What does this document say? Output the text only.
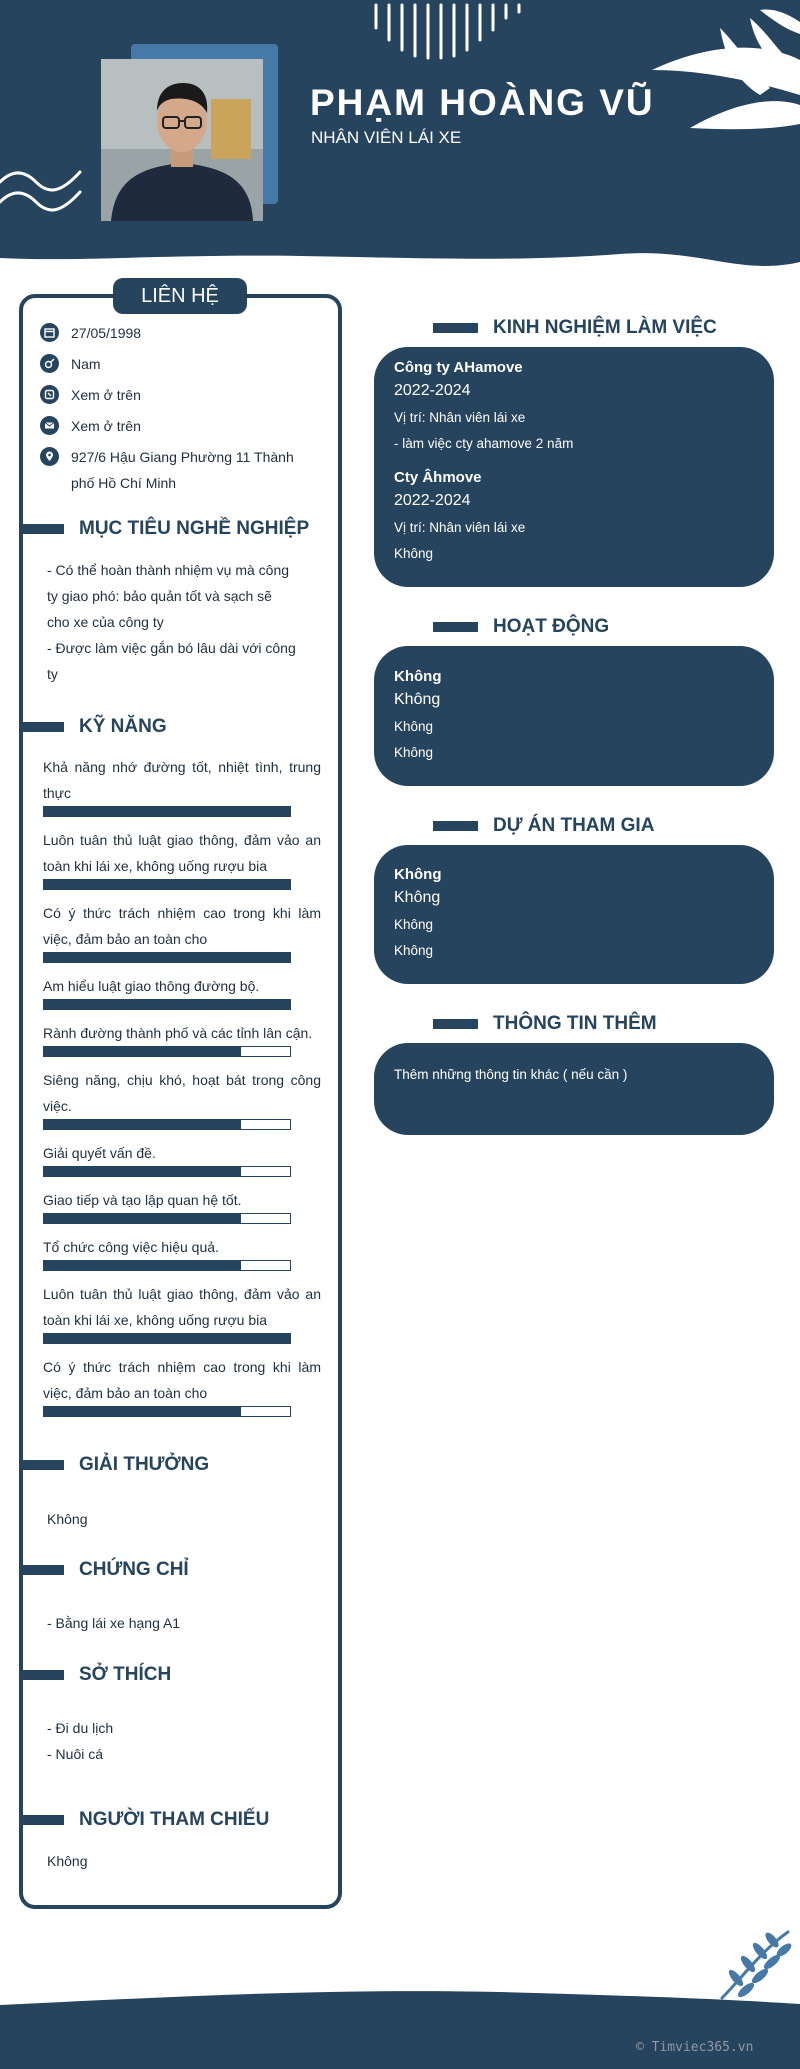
PHẠM HOÀNG VŨ
NHÂN VIÊN LÁI XE
LIÊN HỆ
27/05/1998
Nam
Xem ở trên
Xem ở trên
927/6 Hậu Giang Phường 11 Thành
phố Hồ Chí Minh
MỤC TIÊU NGHỀ NGHIỆP
- Có thể hoàn thành nhiệm vụ mà công
ty giao phó: bảo quản tốt và sạch sẽ
cho xe của công ty
- Được làm việc gắn bó lâu dài với công
ty
KỸ NĂNG
Khả năng nhớ đường tốt, nhiệt tình, trung thực
Luôn tuân thủ luật giao thông, đảm vảo an toàn khi lái xe, không uống rượu bia
Có ý thức trách nhiệm cao trong khi làm việc, đảm bảo an toàn cho
Am hiểu luật giao thông đường bộ.
Rành đường thành phố và các tỉnh lân cận.
Siêng năng, chịu khó, hoạt bát trong công việc.
Giải quyết vấn đề.
Giao tiếp và tạo lập quan hệ tốt.
Tổ chức công việc hiệu quả.
Luôn tuân thủ luật giao thông, đảm vảo an toàn khi lái xe, không uống rượu bia
Có ý thức trách nhiệm cao trong khi làm việc, đảm bảo an toàn cho
GIẢI THƯỞNG
Không
CHỨNG CHỈ
- Bằng lái xe hạng A1
SỞ THÍCH
- Đi du lịch
- Nuôi cá
NGƯỜI THAM CHIẾU
Không
KINH NGHIỆM LÀM VIỆC
Công ty AHamove
2022-2024
Vị trí: Nhân viên lái xe
- làm việc cty ahamove 2 năm
Cty Âhmove
2022-2024
Vị trí: Nhân viên lái xe
Không
HOẠT ĐỘNG
Không
Không
Không
Không
DỰ ÁN THAM GIA
Không
Không
Không
Không
THÔNG TIN THÊM
Thêm những thông tin khác ( nếu cần )
© Timviec365.vn
